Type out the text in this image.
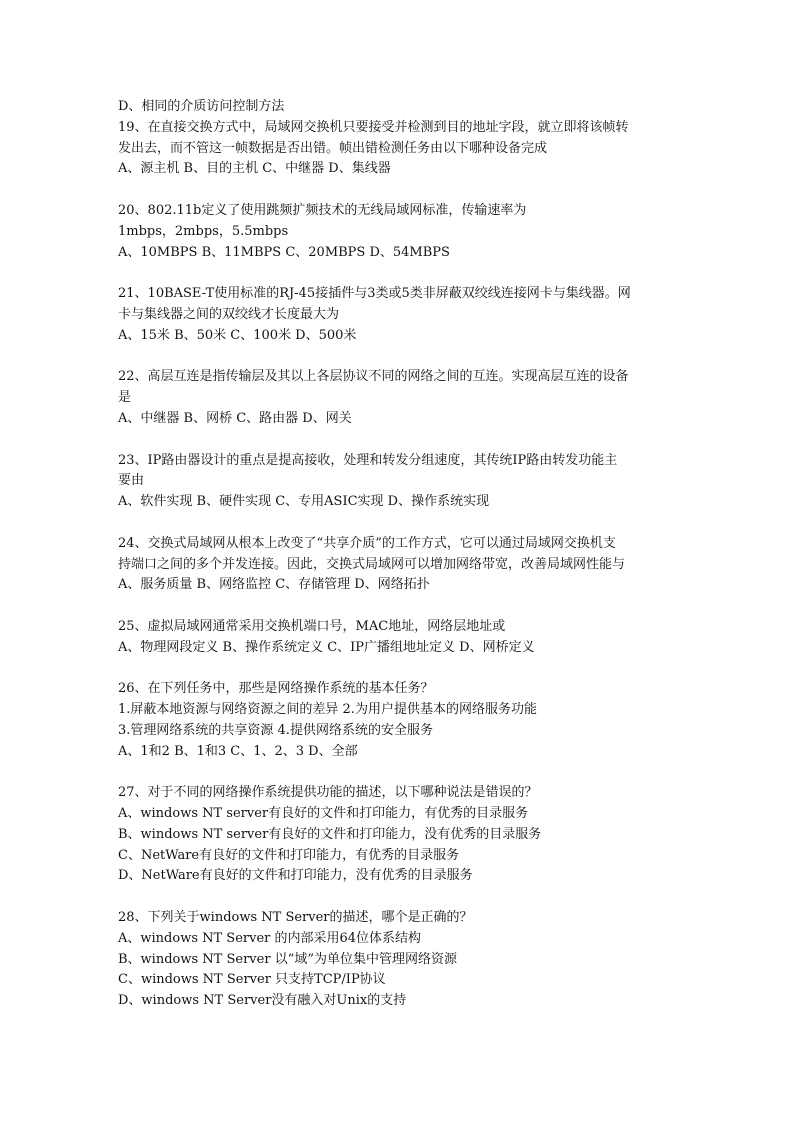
D、相同的介质访问控制方法
19、在直接交换方式中，局域网交换机只要接受并检测到目的地址字段，就立即将该帧转
发出去，而不管这一帧数据是否出错。帧出错检测任务由以下哪种设备完成
A、源主机 B、目的主机 C、中继器 D、集线器
20、802.11b定义了使用跳频扩频技术的无线局域网标准，传输速率为
1mbps，2mbps，5.5mbps
A、10MBPS B、11MBPS C、20MBPS D、54MBPS
21、10BASE-T使用标准的RJ-45接插件与3类或5类非屏蔽双绞线连接网卡与集线器。网
卡与集线器之间的双绞线才长度最大为
A、15米 B、50米 C、100米 D、500米
22、高层互连是指传输层及其以上各层协议不同的网络之间的互连。实现高层互连的设备
是
A、中继器 B、网桥 C、路由器 D、网关
23、IP路由器设计的重点是提高接收，处理和转发分组速度，其传统IP路由转发功能主
要由
A、软件实现 B、硬件实现 C、专用ASIC实现 D、操作系统实现
24、交换式局域网从根本上改变了“共享介质”的工作方式，它可以通过局域网交换机支
持端口之间的多个并发连接。因此，交换式局域网可以增加网络带宽，改善局域网性能与
A、服务质量 B、网络监控 C、存储管理 D、网络拓扑
25、虚拟局域网通常采用交换机端口号，MAC地址，网络层地址或
A、物理网段定义 B、操作系统定义 C、IP广播组地址定义 D、网桥定义
26、在下列任务中，那些是网络操作系统的基本任务？
1.屏蔽本地资源与网络资源之间的差异 2.为用户提供基本的网络服务功能
3.管理网络系统的共享资源 4.提供网络系统的安全服务
A、1和2 B、1和3 C、1、2、3 D、全部
27、对于不同的网络操作系统提供功能的描述，以下哪种说法是错误的？
A、windows NT server有良好的文件和打印能力，有优秀的目录服务
B、windows NT server有良好的文件和打印能力，没有优秀的目录服务
C、NetWare有良好的文件和打印能力，有优秀的目录服务
D、NetWare有良好的文件和打印能力，没有优秀的目录服务
28、下列关于windows NT Server的描述，哪个是正确的？
A、windows NT Server 的内部采用64位体系结构
B、windows NT Server 以“域”为单位集中管理网络资源
C、windows NT Server 只支持TCP/IP协议
D、windows NT Server没有融入对Unix的支持
